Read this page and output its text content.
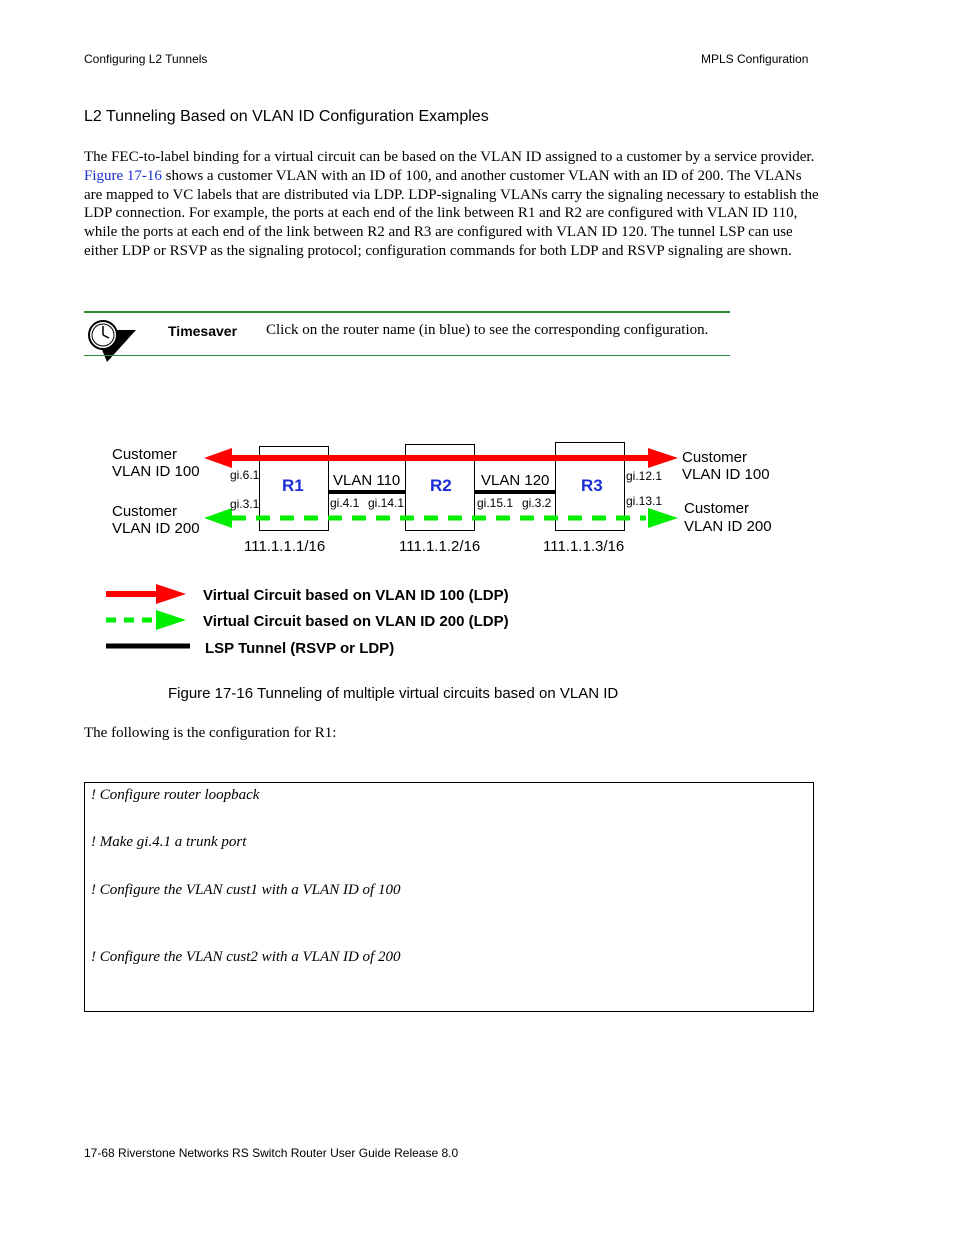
Configuring L2 Tunnels	MPLS Configuration
L2 Tunneling Based on VLAN ID Configuration Examples
The FEC-to-label binding for a virtual circuit can be based on the VLAN ID assigned to a customer by a service provider. Figure 17-16 shows a customer VLAN with an ID of 100, and another customer VLAN with an ID of 200. The VLANs are mapped to VC labels that are distributed via LDP. LDP-signaling VLANs carry the signaling necessary to establish the LDP connection. For example, the ports at each end of the link between R1 and R2 are configured with VLAN ID 110, while the ports at each end of the link between R2 and R3 are configured with VLAN ID 120. The tunnel LSP can use either LDP or RSVP as the signaling protocol; configuration commands for both LDP and RSVP signaling are shown.
Timesaver Click on the router name (in blue) to see the corresponding configuration.
Customer
VLAN ID 100
Customer
VLAN ID 200
Customer
VLAN ID 100
Customer
VLAN ID 200
R1	R2	R3
VLAN 110	VLAN 120
gi.6.1
gi.3.1	gi.4.1 gi.14.1	gi.15.1 gi.3.2
gi.12.1
gi.13.1
111.1.1.1/16	111.1.1.2/16	111.1.1.3/16
Virtual Circuit based on VLAN ID 100 (LDP)
Virtual Circuit based on VLAN ID 200 (LDP)
LSP Tunnel (RSVP or LDP)
Figure 17-16 Tunneling of multiple virtual circuits based on VLAN ID
The following is the configuration for R1:
! Configure router loopback
! Make gi.4.1 a trunk port
! Configure the VLAN cust1 with a VLAN ID of 100
! Configure the VLAN cust2 with a VLAN ID of 200
17-68 Riverstone Networks RS Switch Router User Guide Release 8.0
